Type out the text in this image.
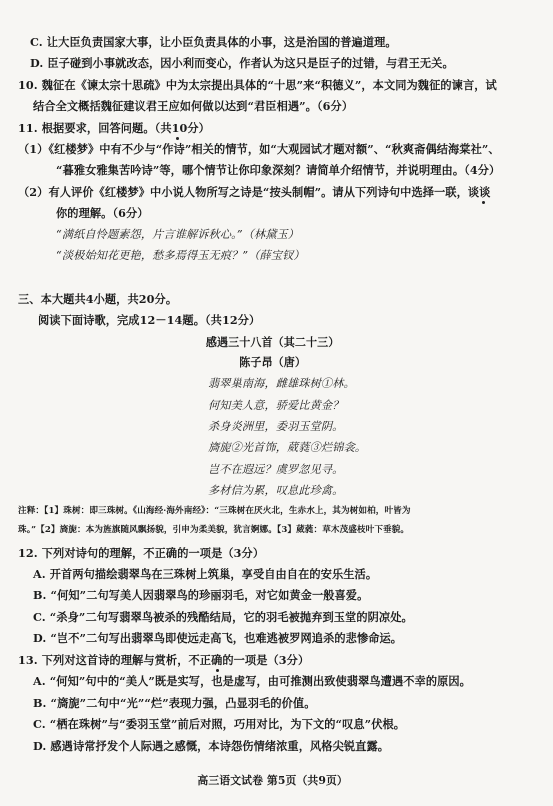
C. 让大臣负责国家大事，让小臣负责具体的小事，这是治国的普遍道理。
D. 臣子碰到小事就改态，因小利而变心，作者认为这只是臣子的过错，与君王无关。
10. 魏征在《谏太宗十思疏》中为太宗提出具体的“十思”来“积德义”，本文同为魏征的谏言，试
结合全文概括魏征建议君王应如何做以达到“君臣相遇”。（6分）
11. 根据要求，回答问题。（共10分）
（1）《红楼梦》中有不少与“作诗”相关的情节，如“大观园试才题对额”、“秋爽斋偶结海棠社”、
“暮雅女雅集苦吟诗”等，哪个情节让你印象深刻？请简单介绍情节，并说明理由。（4分）
（2）有人评价《红楼梦》中小说人物所写之诗是“按头制帽”。请从下列诗句中选择一联，谈谈
你的理解。（6分）
“满纸自怜题素怨，片言谁解诉秋心。”（林黛玉）
“淡极始知花更艳，愁多焉得玉无痕？”（薛宝钗）
三、本大题共4小题，共20分。
阅读下面诗歌，完成12－14题。（共12分）
感遇三十八首（其二十三）
陈子昂（唐）
翡翠巢南海，雌雄珠树①林。
何知美人意，骄爱比黄金？
杀身炎洲里，委羽玉堂阴。
旖旎②光首饰，葳蕤③烂锦衾。
岂不在遐远？虞罗忽见寻。
多材信为累，叹息此珍禽。
注释：【1】珠树：即三珠树。《山海经·海外南经》：“三珠树在厌火北，生赤水上，其为树如柏，叶皆为
珠。”【2】旖旎：本为旌旗随风飘扬貌，引申为柔美貌，犹言婀娜。【3】葳蕤：草木茂盛枝叶下垂貌。
12. 下列对诗句的理解，不正确的一项是（3分）
A. 开首两句描绘翡翠鸟在三珠树上筑巢，享受自由自在的安乐生活。
B. “何知”二句写美人因翡翠鸟的珍丽羽毛，对它如黄金一般喜爱。
C. “杀身”二句写翡翠鸟被杀的残酷结局，它的羽毛被抛弃到玉堂的阴凉处。
D. “岂不”二句写出翡翠鸟即使远走高飞，也难逃被罗网追杀的悲惨命运。
13. 下列对这首诗的理解与赏析，不正确的一项是（3分）
A. “何知”句中的“美人”既是实写，也是虚写，由可推测出致使翡翠鸟遭遇不幸的原因。
B. “旖旎”二句中“光”“烂”表现力强，凸显羽毛的价值。
C. “栖在珠树”与“委羽玉堂”前后对照，巧用对比，为下文的“叹息”伏根。
D. 感遇诗常抒发个人际遇之感慨，本诗怨伤情绪浓重，风格尖锐直露。
高三语文试卷 第5页（共9页）
